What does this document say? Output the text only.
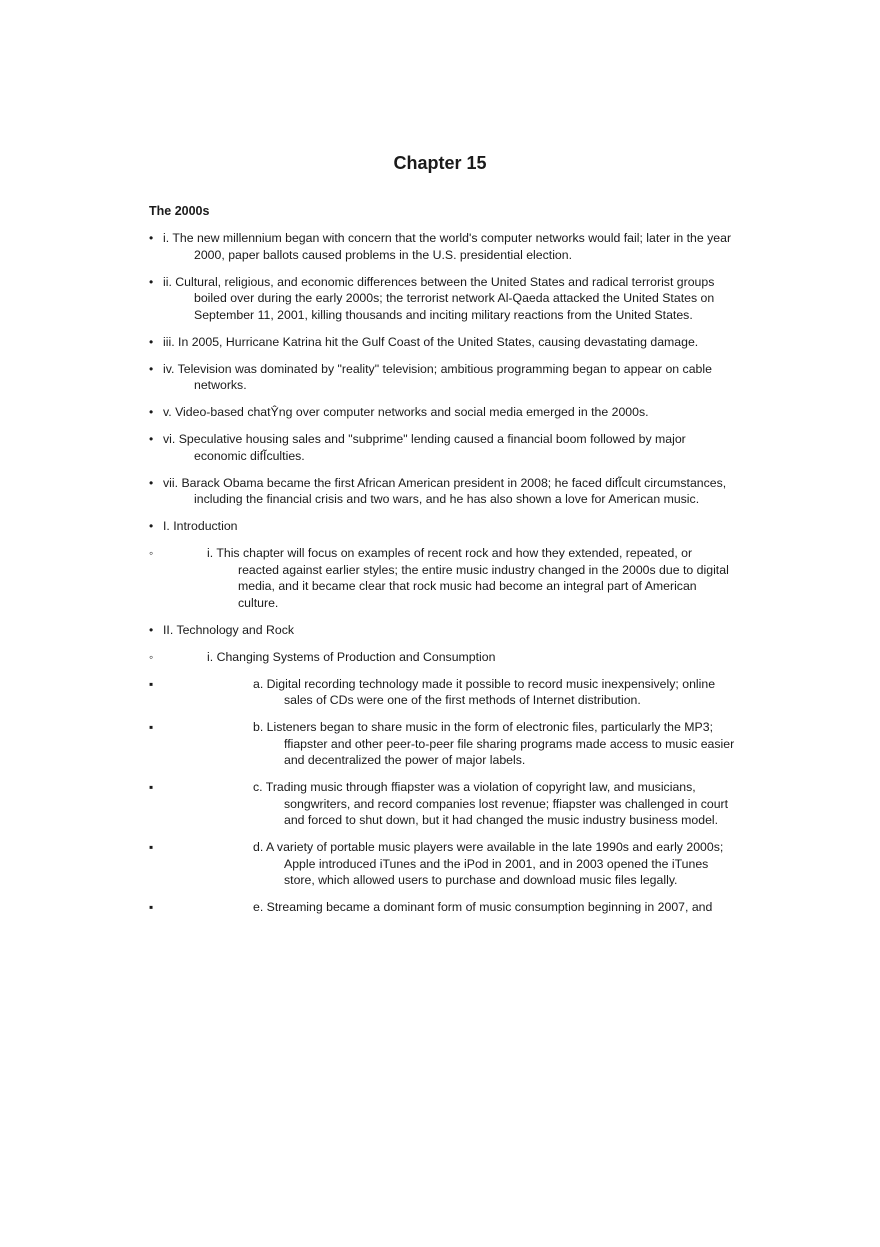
Chapter 15
The 2000s
• i. The new millennium began with concern that the world's computer networks would fail; later in the year 2000, paper ballots caused problems in the U.S. presidential election.
• ii. Cultural, religious, and economic differences between the United States and radical terrorist groups boiled over during the early 2000s; the terrorist network Al-Qaeda attacked the United States on September 11, 2001, killing thousands and inciting military reactions from the United States.
• iii. In 2005, Hurricane Katrina hit the Gulf Coast of the United States, causing devastating damage.
• iv. Television was dominated by "reality" television; ambitious programming began to appear on cable networks.
• v. Video-based chatŶng over computer networks and social media emerged in the 2000s.
• vi. Speculative housing sales and "subprime" lending caused a financial boom followed by major economic difĨculties.
• vii. Barack Obama became the first African American president in 2008; he faced difĨcult circumstances, including the financial crisis and two wars, and he has also shown a love for American music.
• I. Introduction
◦	i. This chapter will focus on examples of recent rock and how they extended, repeated, or reacted against earlier styles; the entire music industry changed in the 2000s due to digital media, and it became clear that rock music had become an integral part of American culture.
• II. Technology and Rock
◦	i. Changing Systems of Production and Consumption
▪	a. Digital recording technology made it possible to record music inexpensively; online sales of CDs were one of the first methods of Internet distribution.
▪	b. Listeners began to share music in the form of electronic files, particularly the MP3; ffiapster and other peer-to-peer file sharing programs made access to music easier and decentralized the power of major labels.
▪	c. Trading music through ffiapster was a violation of copyright law, and musicians, songwriters, and record companies lost revenue; ffiapster was challenged in court and forced to shut down, but it had changed the music industry business model.
▪	d. A variety of portable music players were available in the late 1990s and early 2000s; Apple introduced iTunes and the iPod in 2001, and in 2003 opened the iTunes store, which allowed users to purchase and download music files legally.
▪	e. Streaming became a dominant form of music consumption beginning in 2007, and
